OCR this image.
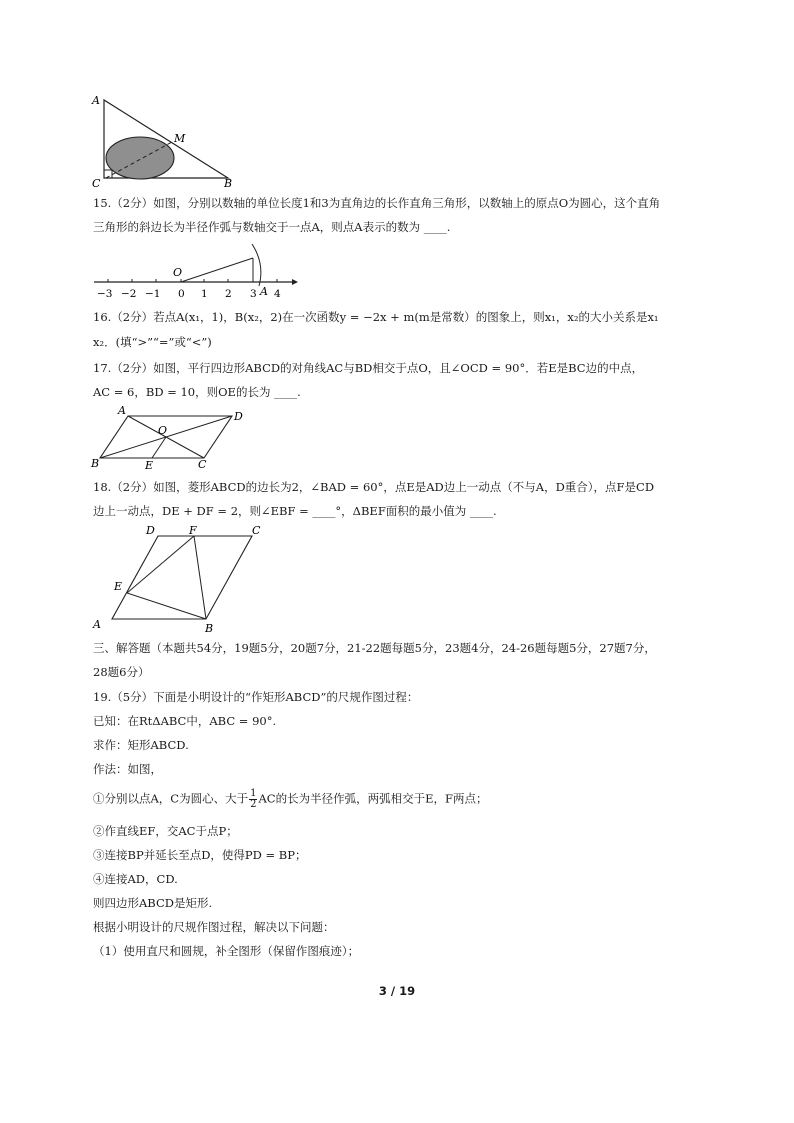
A
M
C	B
15.（2分）如图，分别以数轴的单位长度1和3为直角边的长作直角三角形，以数轴上的原点O为圆心，这个直角
三角形的斜边长为半径作弧与数轴交于一点A，则点A表示的数为 ____.
O
A
−3 −2 −1 0 1 2 3 4
16.（2分）若点A(x₁，1)，B(x₂，2)在一次函数y = −2x + m(m是常数）的图象上，则x₁，x₂的大小关系是x₁
x₂．(填“>”“=”或“<”)
17.（2分）如图，平行四边形ABCD的对角线AC与BD相交于点O，且∠OCD = 90°．若E是BC边的中点，
AC = 6，BD = 10，则OE的长为 ____.
A	D
O
B	E	C
18.（2分）如图，菱形ABCD的边长为2，∠BAD = 60°，点E是AD边上一动点（不与A，D重合），点F是CD
边上一动点，DE + DF = 2，则∠EBF = ____°，ΔBEF面积的最小值为 ____.
D	F	C
E
A	B
三、解答题（本题共54分，19题5分，20题7分，21-22题每题5分，23题4分，24-26题每题5分，27题7分，
28题6分）
19.（5分）下面是小明设计的“作矩形ABCD”的尺规作图过程：
已知：在RtΔABC中，ABC = 90°.
求作：矩形ABCD.
作法：如图，
①分别以点A，C为圆心、大于 $\frac{1}{2}$ AC的长为半径作弧，两弧相交于E，F两点；
②作直线EF，交AC于点P；
③连接BP并延长至点D，使得PD = BP；
④连接AD，CD.
则四边形ABCD是矩形.
根据小明设计的尺规作图过程，解决以下问题：
（1）使用直尺和圆规，补全图形（保留作图痕迹）；
3 / 19
